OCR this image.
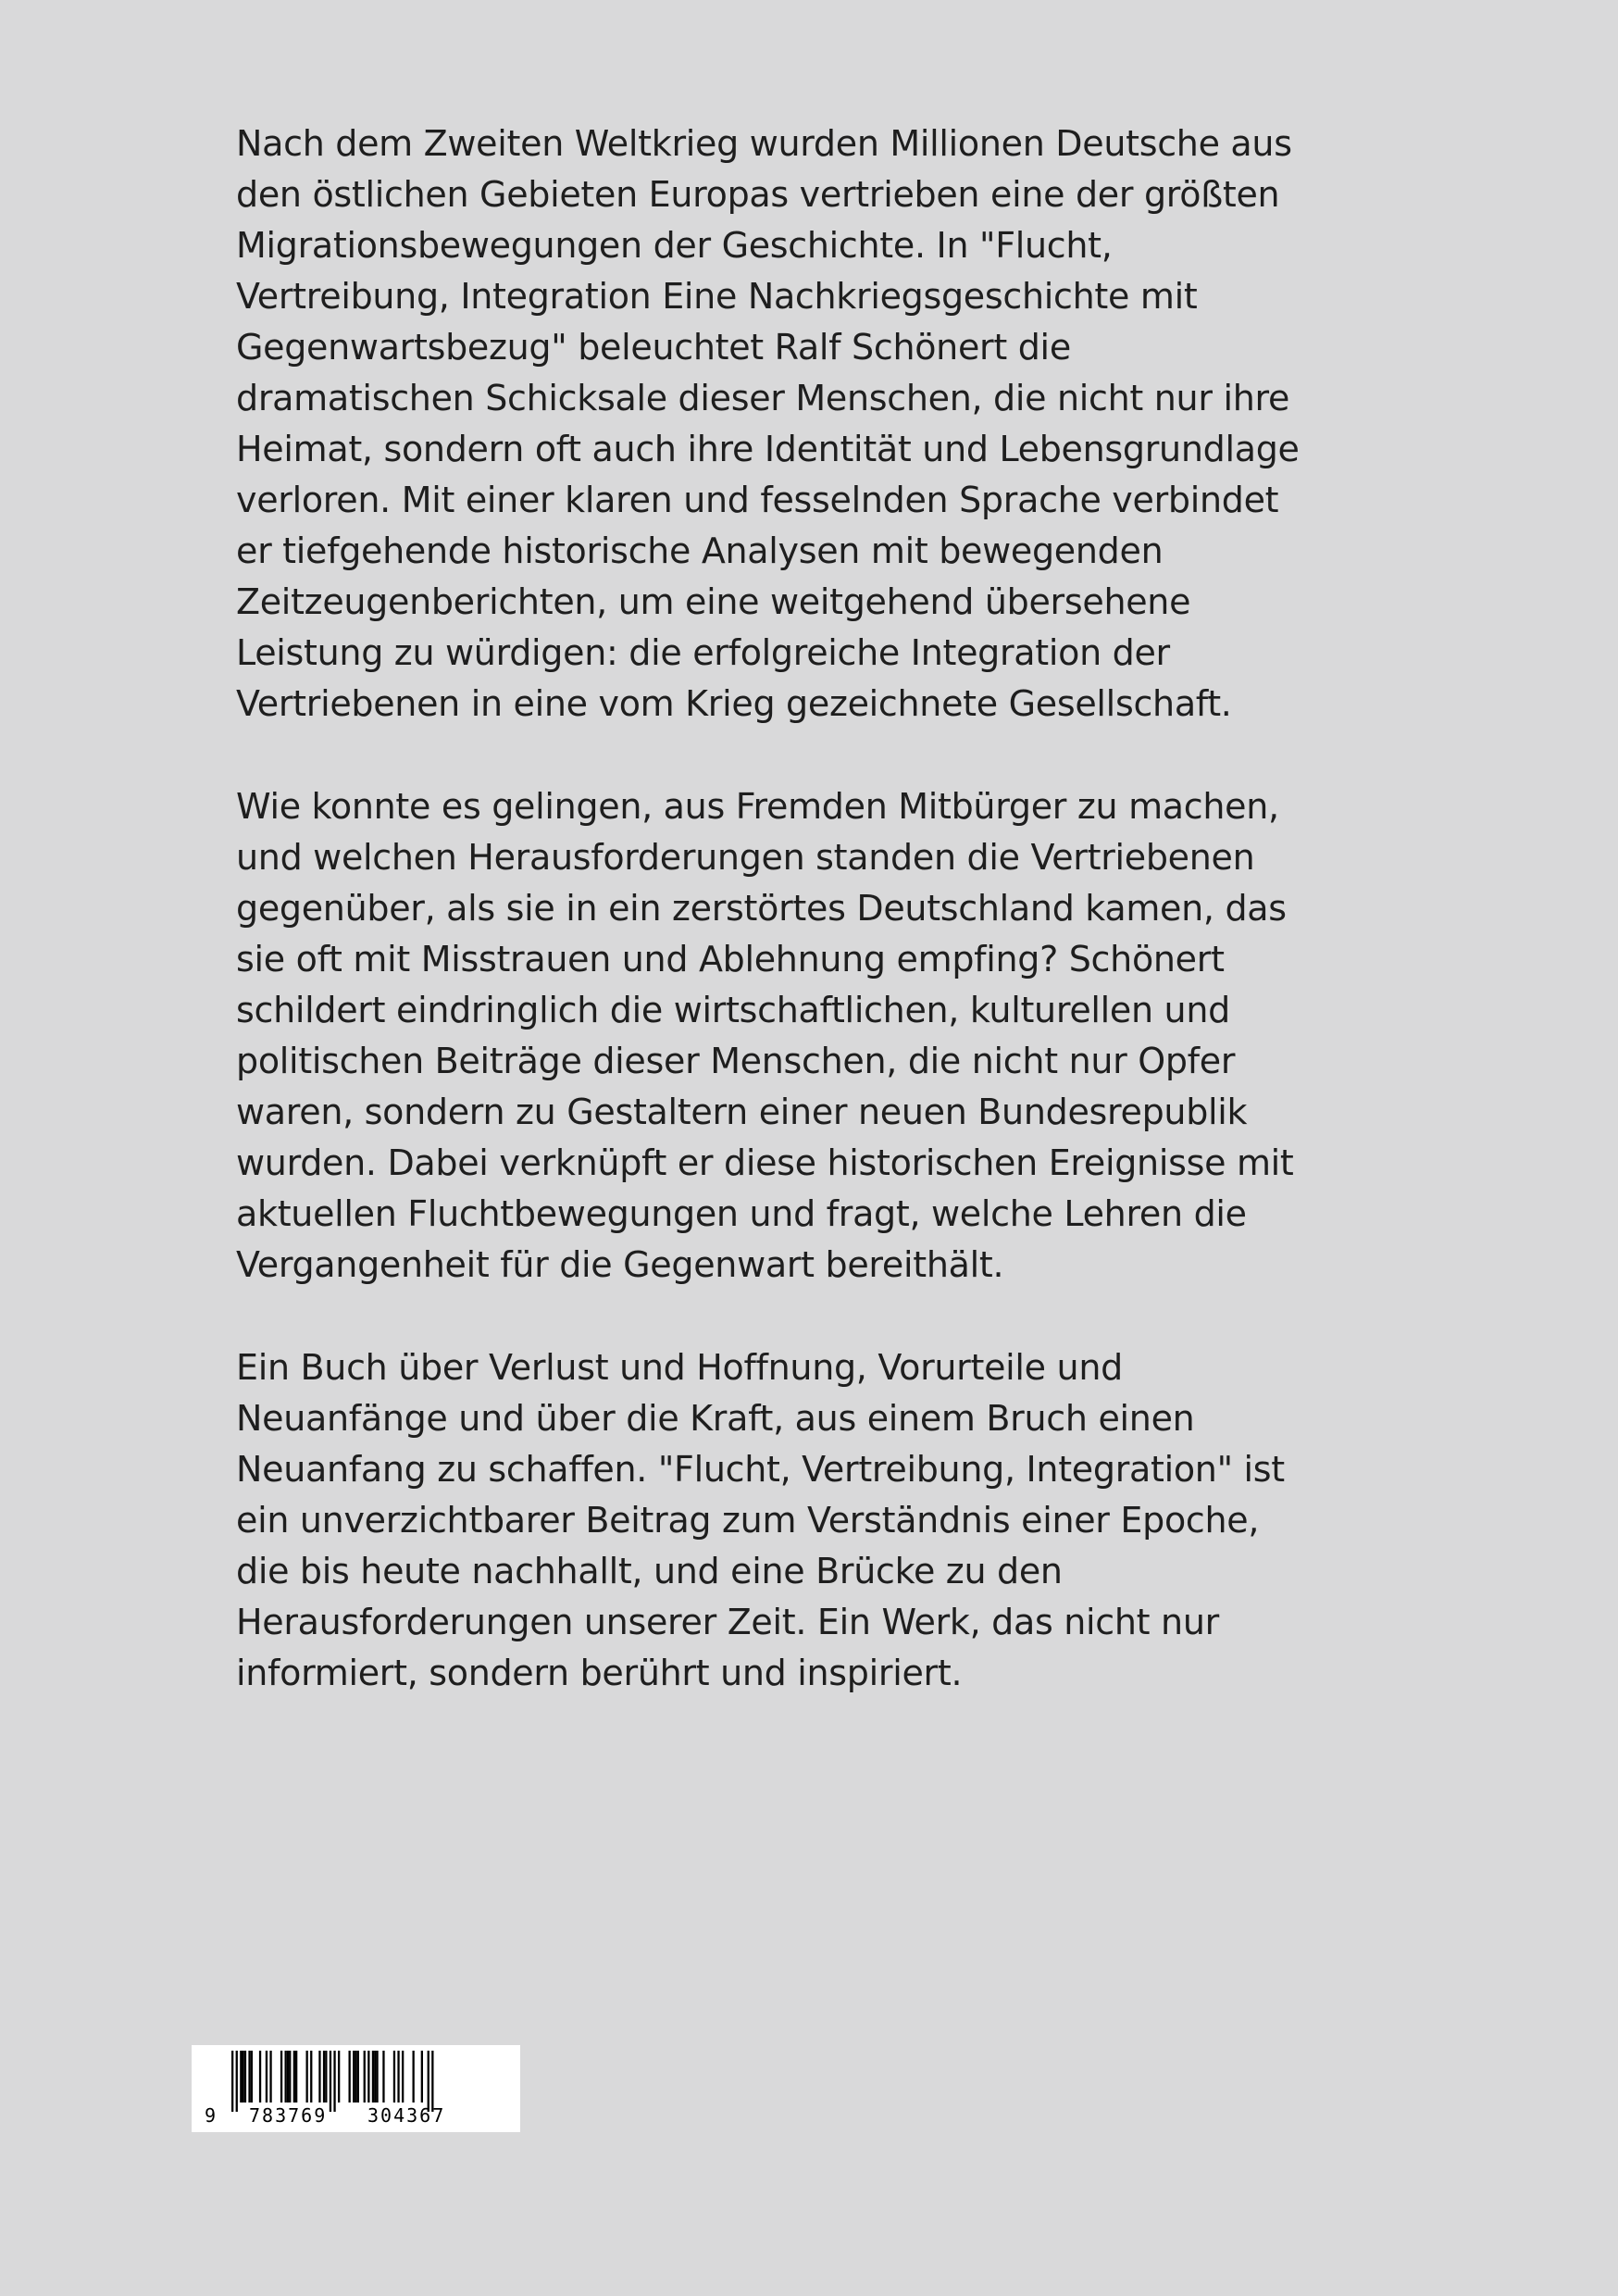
Nach dem Zweiten Weltkrieg wurden Millionen Deutsche aus
den östlichen Gebieten Europas vertrieben eine der größten
Migrationsbewegungen der Geschichte. In "Flucht,
Vertreibung, Integration Eine Nachkriegsgeschichte mit
Gegenwartsbezug" beleuchtet Ralf Schönert die
dramatischen Schicksale dieser Menschen, die nicht nur ihre
Heimat, sondern oft auch ihre Identität und Lebensgrundlage
verloren. Mit einer klaren und fesselnden Sprache verbindet
er tiefgehende historische Analysen mit bewegenden
Zeitzeugenberichten, um eine weitgehend übersehene
Leistung zu würdigen: die erfolgreiche Integration der
Vertriebenen in eine vom Krieg gezeichnete Gesellschaft.

Wie konnte es gelingen, aus Fremden Mitbürger zu machen,
und welchen Herausforderungen standen die Vertriebenen
gegenüber, als sie in ein zerstörtes Deutschland kamen, das
sie oft mit Misstrauen und Ablehnung empfing? Schönert
schildert eindringlich die wirtschaftlichen, kulturellen und
politischen Beiträge dieser Menschen, die nicht nur Opfer
waren, sondern zu Gestaltern einer neuen Bundesrepublik
wurden. Dabei verknüpft er diese historischen Ereignisse mit
aktuellen Fluchtbewegungen und fragt, welche Lehren die
Vergangenheit für die Gegenwart bereithält.

Ein Buch über Verlust und Hoffnung, Vorurteile und
Neuanfänge und über die Kraft, aus einem Bruch einen
Neuanfang zu schaffen. "Flucht, Vertreibung, Integration" ist
ein unverzichtbarer Beitrag zum Verständnis einer Epoche,
die bis heute nachhallt, und eine Brücke zu den
Herausforderungen unserer Zeit. Ein Werk, das nicht nur
informiert, sondern berührt und inspiriert.

9 783769 304367
